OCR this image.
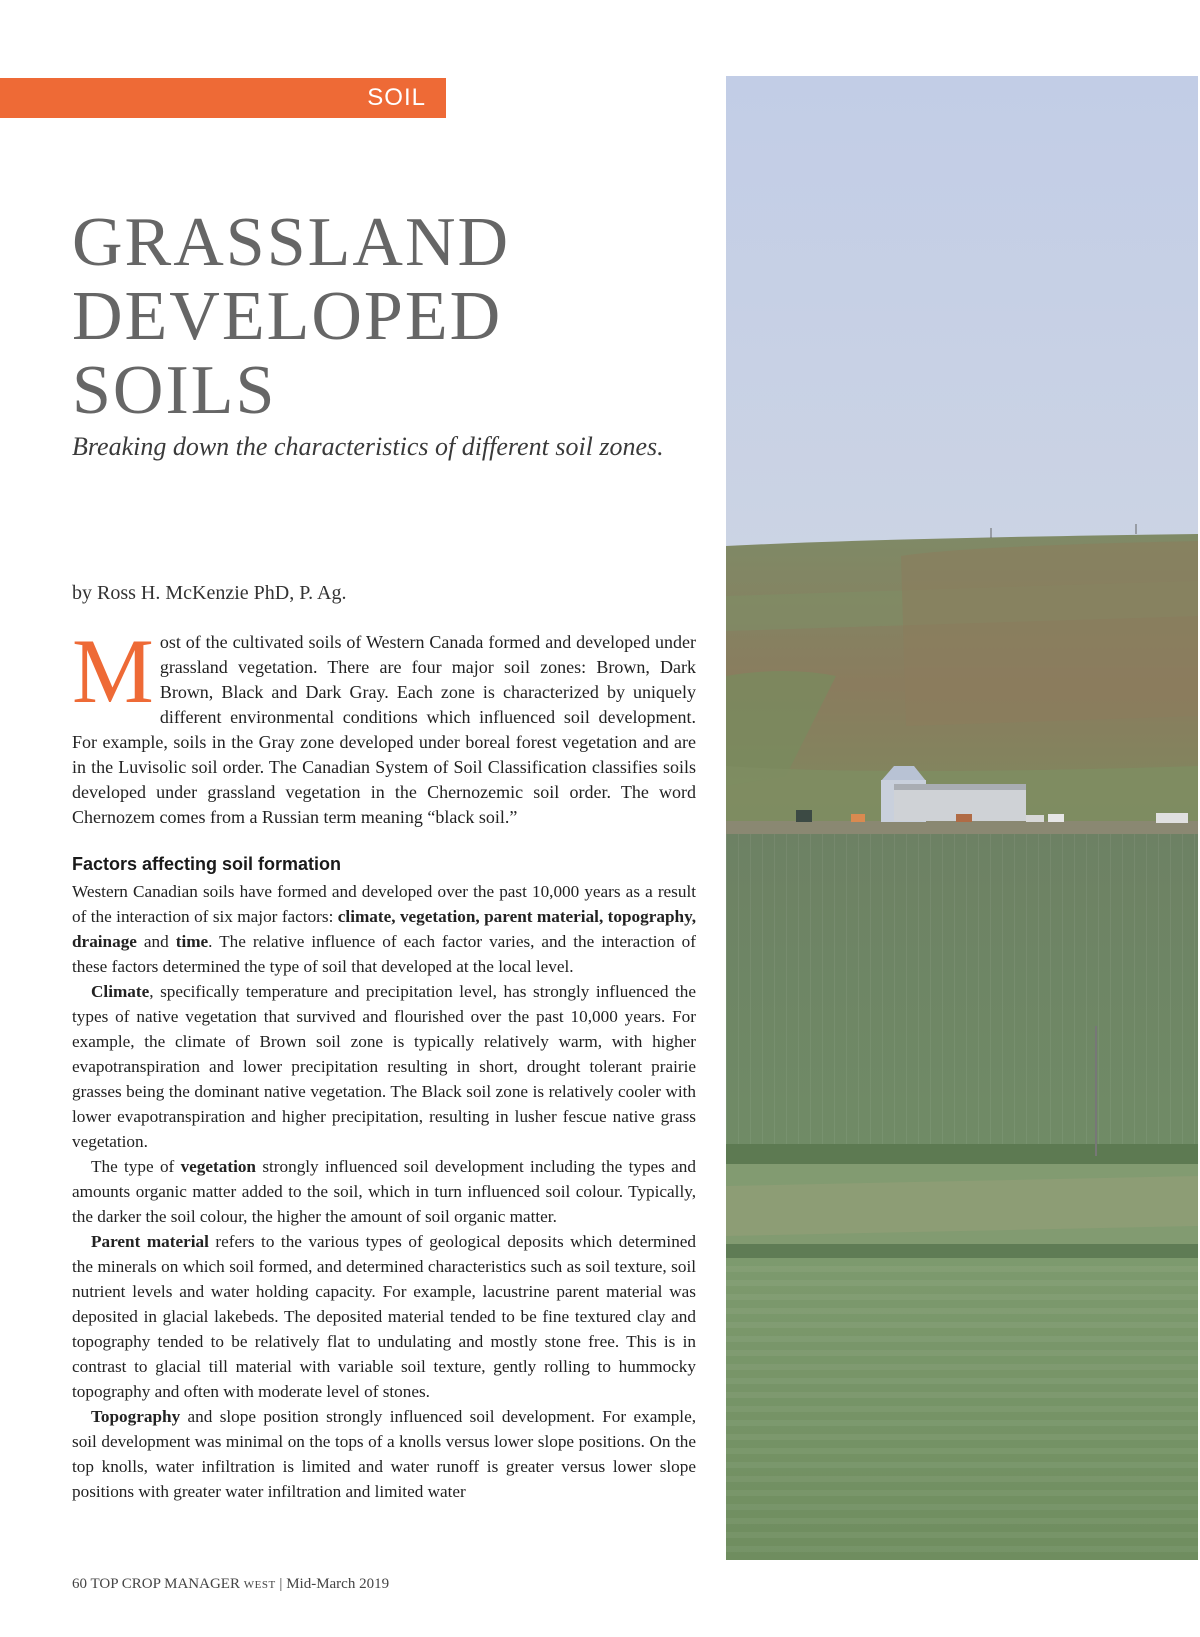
SOIL
GRASSLAND
DEVELOPED
SOILS

Breaking down the characteristics of different soil zones.

by Ross H. McKenzie PhD, P. Ag.

Most of the cultivated soils of Western Canada formed and developed under grassland vegetation. There are four major soil zones: Brown, Dark Brown, Black and Dark Gray. Each zone is characterized by uniquely different environmental conditions which influenced soil development. For example, soils in the Gray zone developed under boreal forest vegetation and are in the Luvisolic soil order. The Canadian System of Soil Classification classifies soils developed under grassland vegetation in the Chernozemic soil order. The word Chernozem comes from a Russian term meaning “black soil.”

Factors affecting soil formation

Western Canadian soils have formed and developed over the past 10,000 years as a result of the interaction of six major factors: climate, vegetation, parent material, topography, drainage and time. The relative influence of each factor varies, and the interaction of these factors determined the type of soil that developed at the local level.

Climate, specifically temperature and precipitation level, has strongly influenced the types of native vegetation that survived and flourished over the past 10,000 years. For example, the climate of Brown soil zone is typically relatively warm, with higher evapotranspiration and lower precipitation resulting in short, drought tolerant prairie grasses being the dominant native vegetation. The Black soil zone is relatively cooler with lower evapotranspiration and higher precipitation, resulting in lusher fescue native grass vegetation.

The type of vegetation strongly influenced soil development including the types and amounts organic matter added to the soil, which in turn influenced soil colour. Typically, the darker the soil colour, the higher the amount of soil organic matter.

Parent material refers to the various types of geological deposits which determined the minerals on which soil formed, and determined characteristics such as soil texture, soil nutrient levels and water holding capacity. For example, lacustrine parent material was deposited in glacial lakebeds. The deposited material tended to be fine textured clay and topography tended to be relatively flat to undulating and mostly stone free. This is in contrast to glacial till material with variable soil texture, gently rolling to hummocky topography and often with moderate level of stones.

Topography and slope position strongly influenced soil development. For example, soil development was minimal on the tops of a knolls versus lower slope positions. On the top knolls, water infiltration is limited and water runoff is greater versus lower slope positions with greater water infiltration and limited water

60 TOP CROP MANAGER WEST | Mid-March 2019
